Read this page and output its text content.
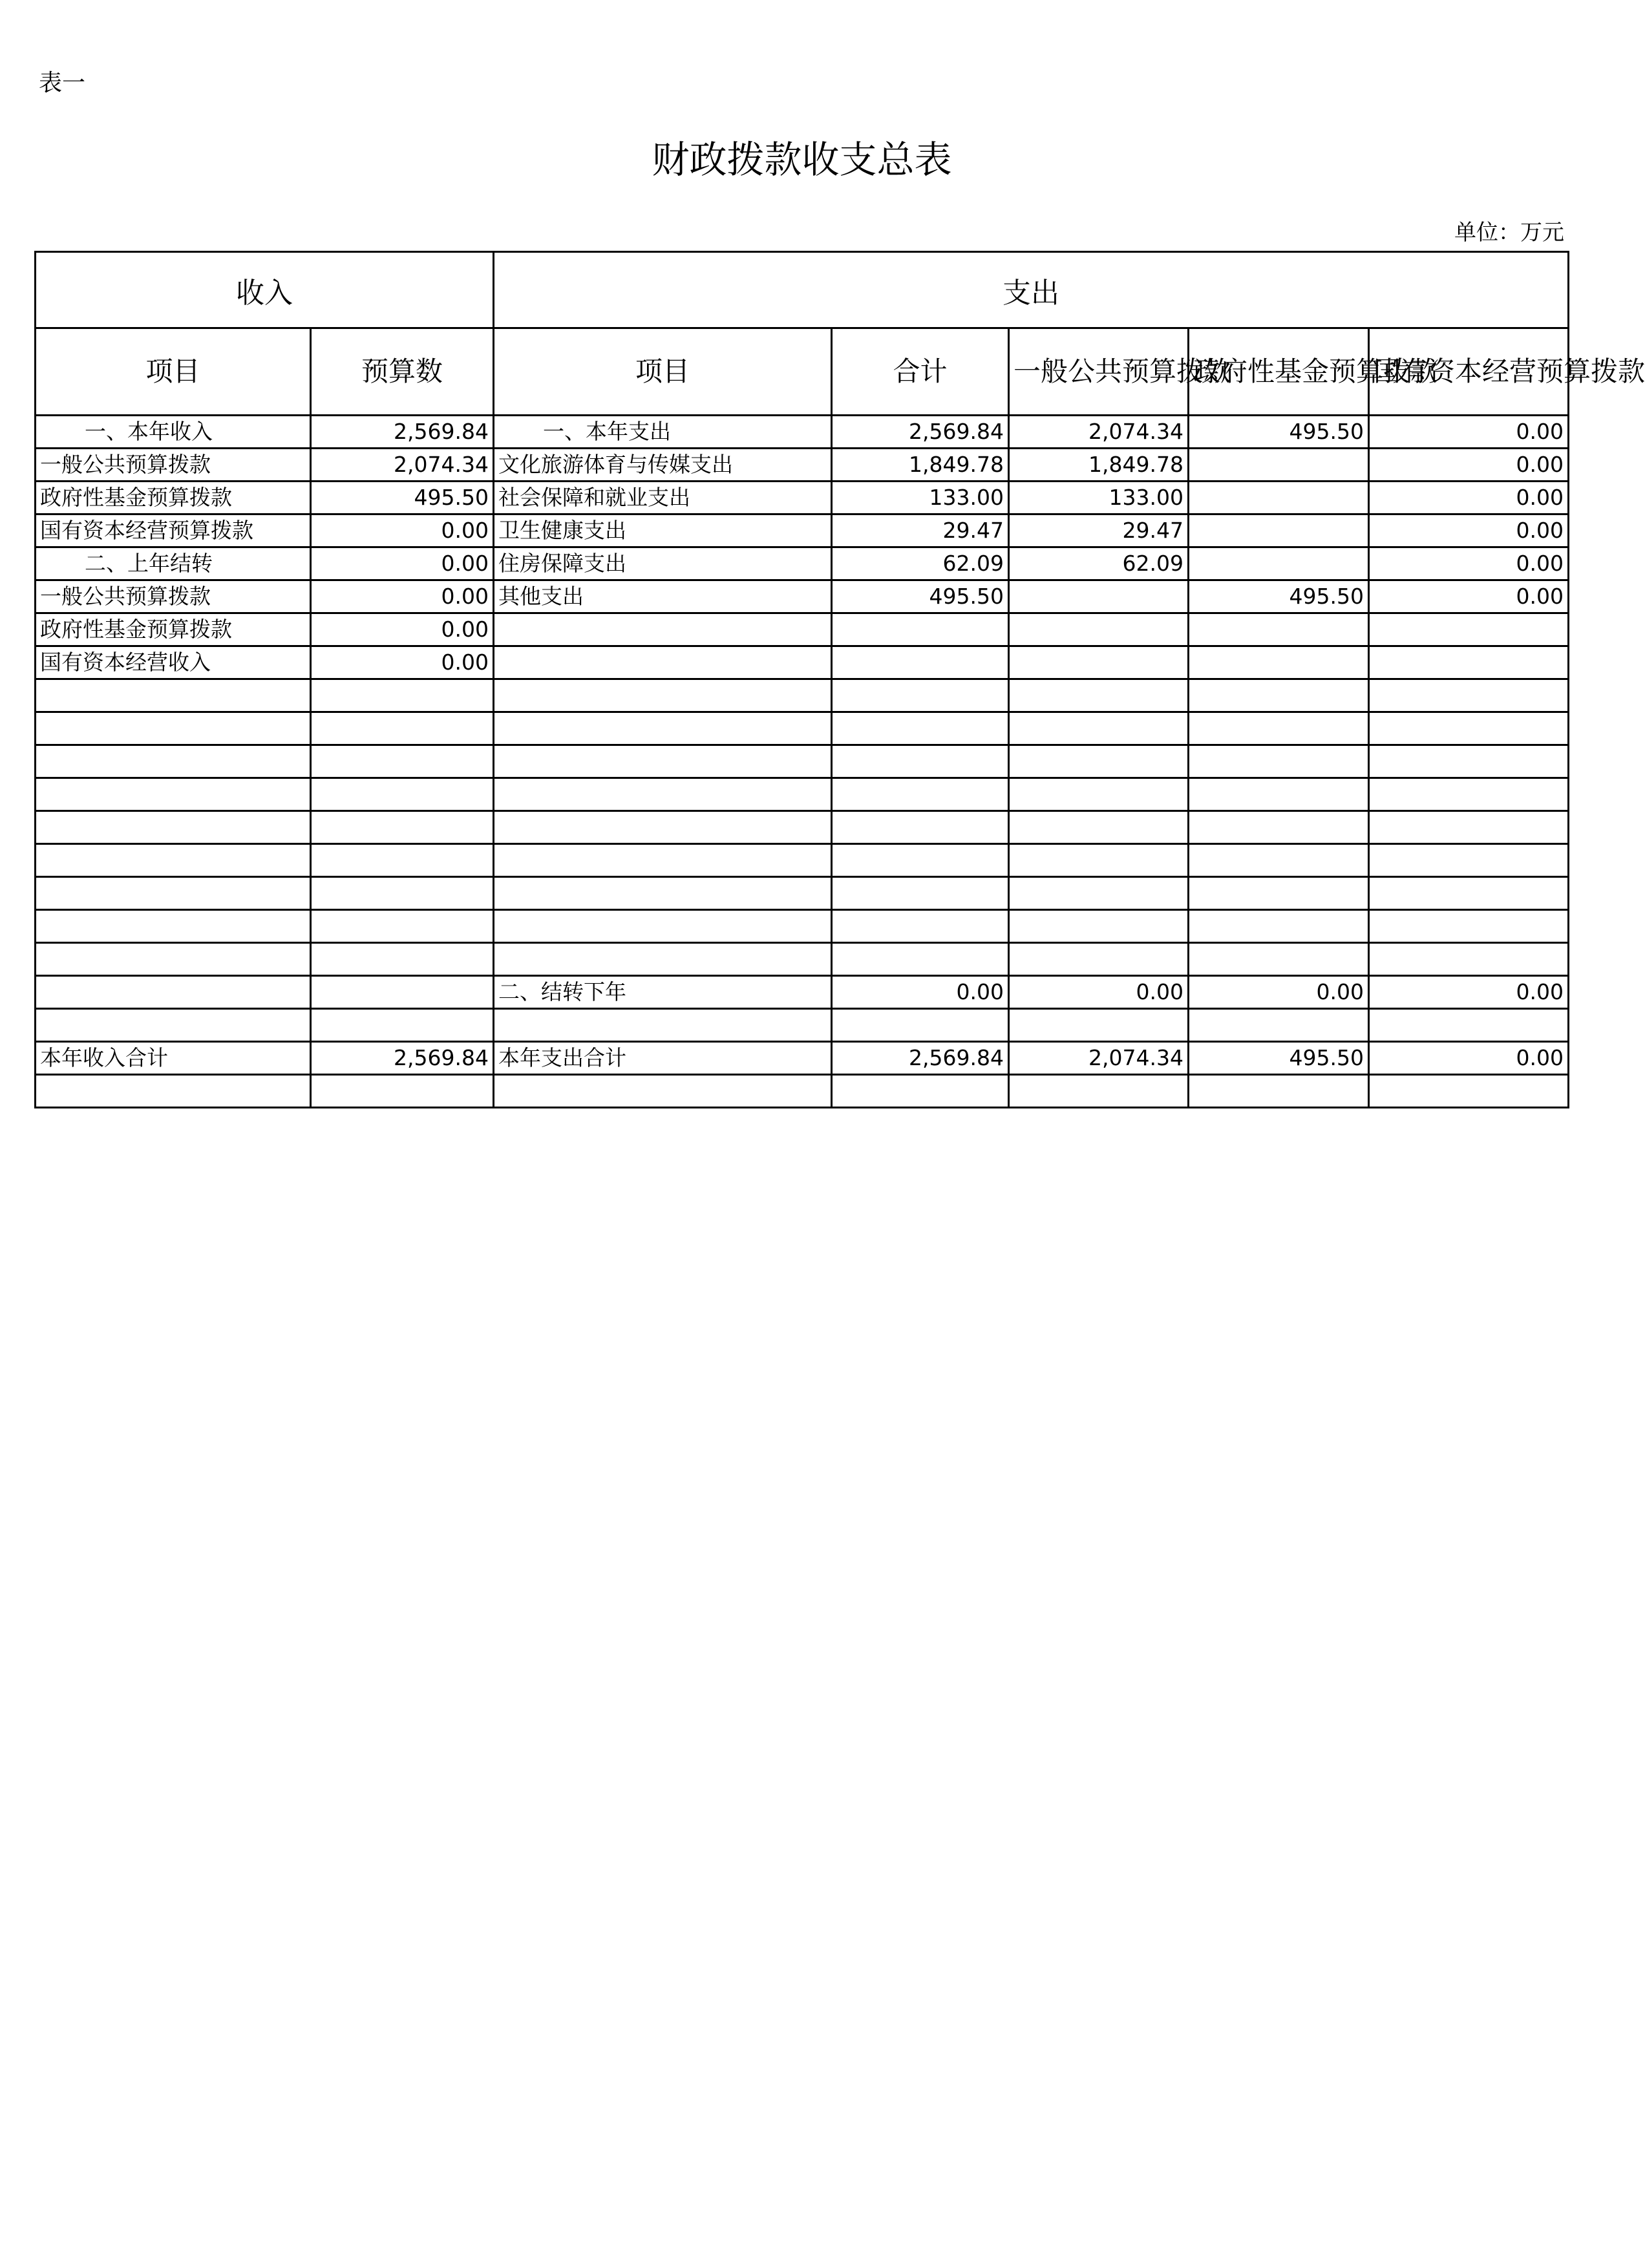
表一
财政拨款收支总表
单位：万元
收入		支出				
项目	预算数	项目	合计	一般公共预算拨款	政府性基金预算拨款	国有资本经营预算拨款
一、本年收入	2,569.84	一、本年支出	2,569.84	2,074.34	495.50	0.00
一般公共预算拨款	2,074.34	文化旅游体育与传媒支出	1,849.78	1,849.78		0.00
政府性基金预算拨款	495.50	社会保障和就业支出	133.00	133.00		0.00
国有资本经营预算拨款	0.00	卫生健康支出	29.47	29.47		0.00
二、上年结转	0.00	住房保障支出	62.09	62.09		0.00
一般公共预算拨款	0.00	其他支出	495.50		495.50	0.00
政府性基金预算拨款	0.00					
国有资本经营收入	0.00					

		二、结转下年	0.00	0.00	0.00	0.00

本年收入合计	2,569.84	本年支出合计	2,569.84	2,074.34	495.50	0.00
